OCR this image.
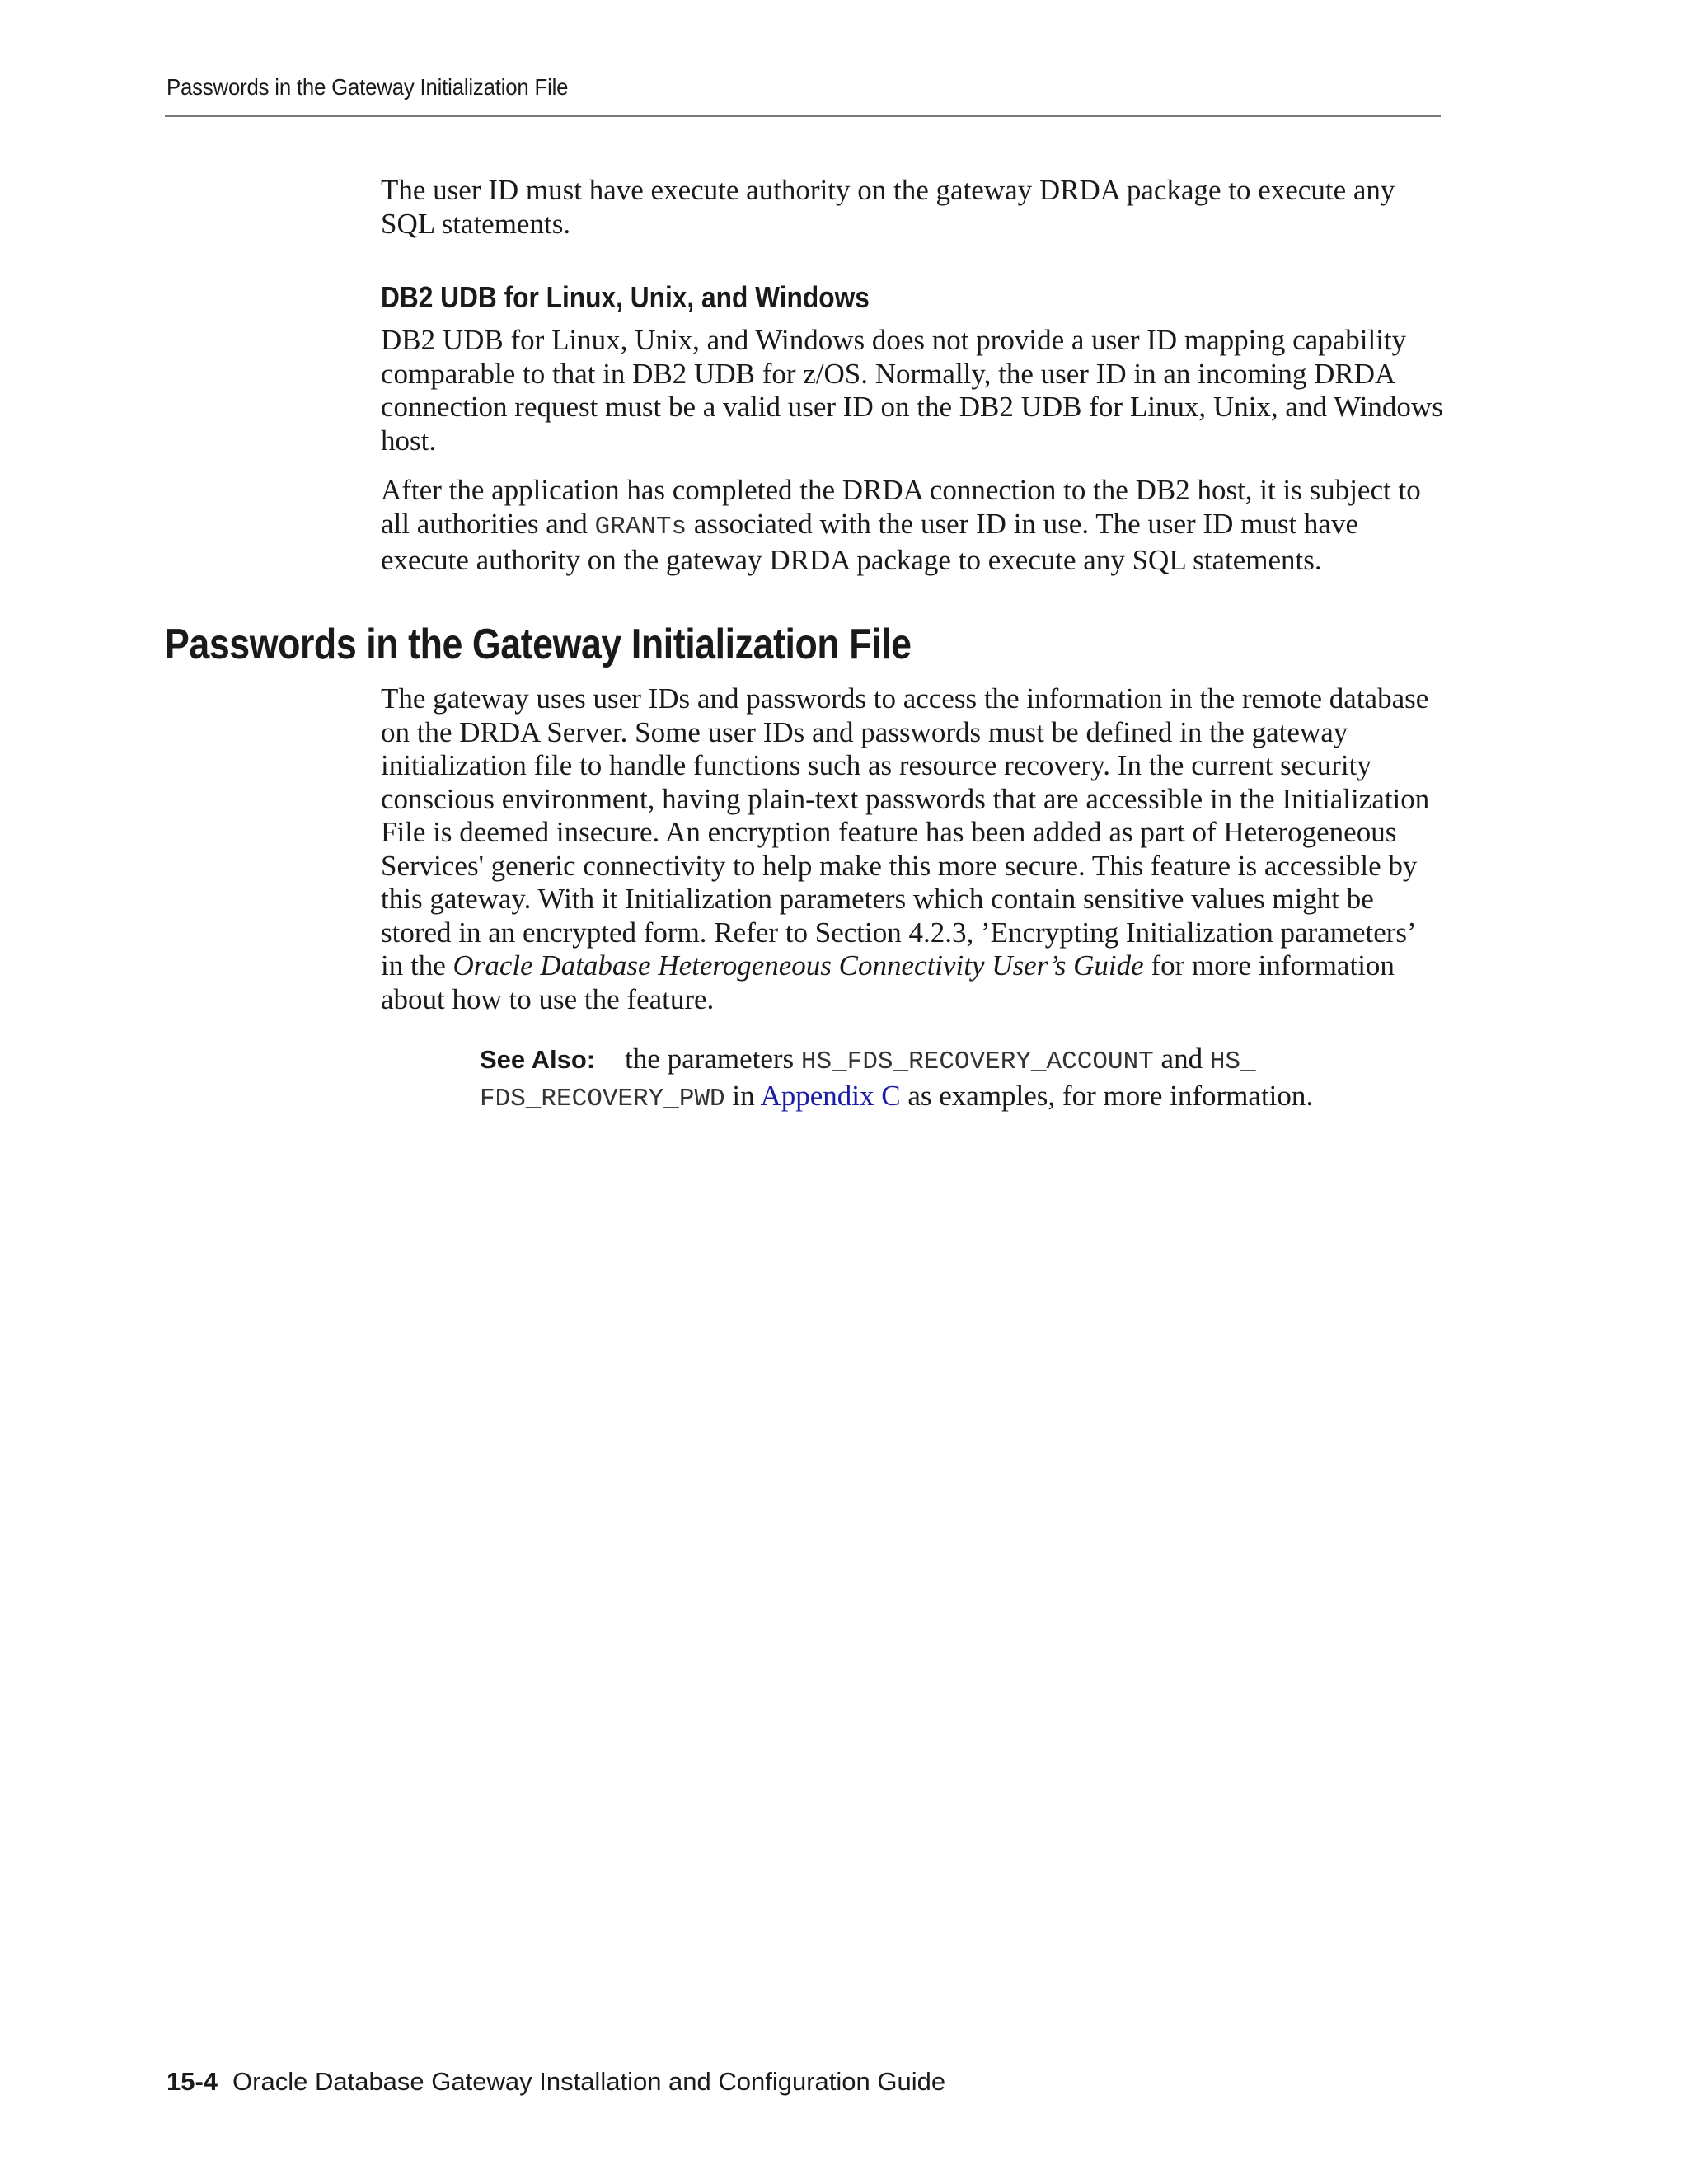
Passwords in the Gateway Initialization File

The user ID must have execute authority on the gateway DRDA package to execute any SQL statements.

DB2 UDB for Linux, Unix, and Windows

DB2 UDB for Linux, Unix, and Windows does not provide a user ID mapping capability comparable to that in DB2 UDB for z/OS. Normally, the user ID in an incoming DRDA connection request must be a valid user ID on the DB2 UDB for Linux, Unix, and Windows host.

After the application has completed the DRDA connection to the DB2 host, it is subject to all authorities and GRANTs associated with the user ID in use. The user ID must have execute authority on the gateway DRDA package to execute any SQL statements.

Passwords in the Gateway Initialization File

The gateway uses user IDs and passwords to access the information in the remote database on the DRDA Server. Some user IDs and passwords must be defined in the gateway initialization file to handle functions such as resource recovery. In the current security conscious environment, having plain-text passwords that are accessible in the Initialization File is deemed insecure. An encryption feature has been added as part of Heterogeneous Services' generic connectivity to help make this more secure. This feature is accessible by this gateway. With it Initialization parameters which contain sensitive values might be stored in an encrypted form. Refer to Section 4.2.3, ’Encrypting Initialization parameters’ in the Oracle Database Heterogeneous Connectivity User’s Guide for more information about how to use the feature.

See Also: the parameters HS_FDS_RECOVERY_ACCOUNT and HS_ FDS_RECOVERY_PWD in Appendix C as examples, for more information.
15-4 Oracle Database Gateway Installation and Configuration Guide
